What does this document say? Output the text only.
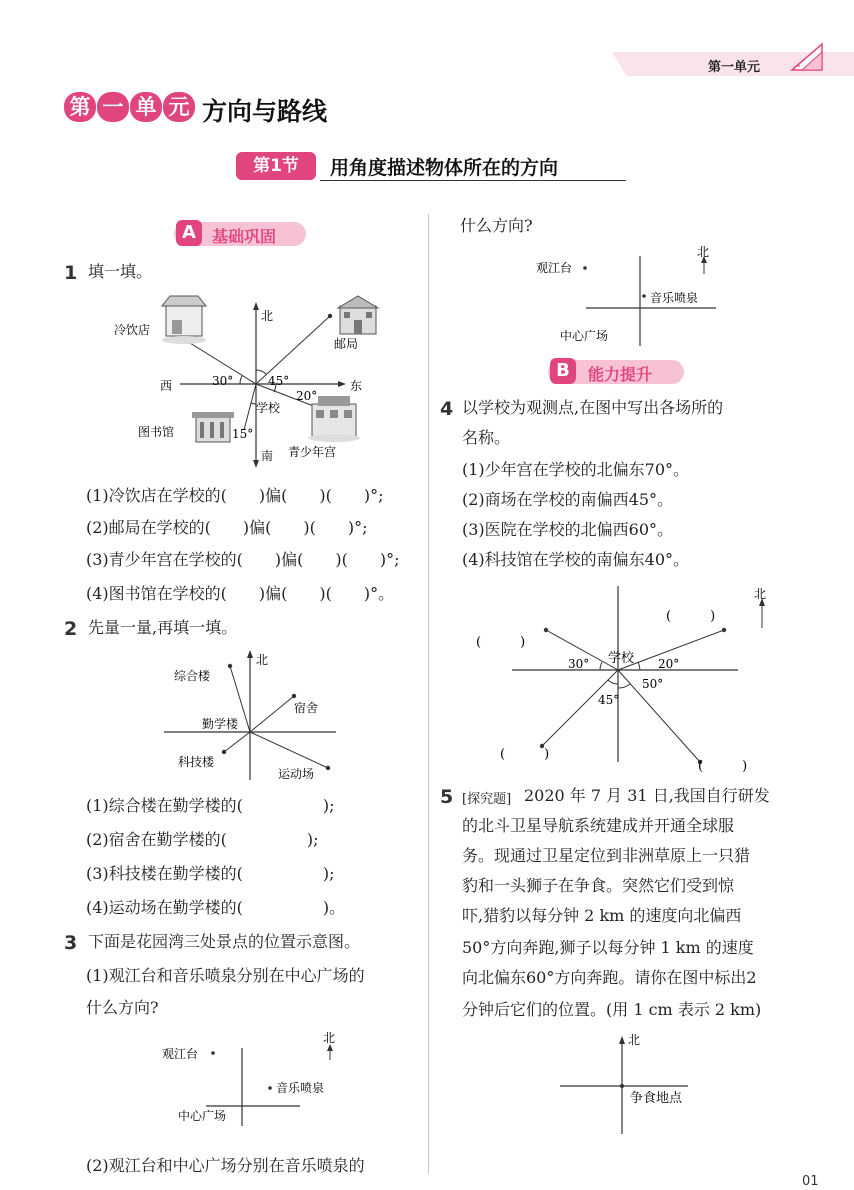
第一单元
第 一 单 元 方向与路线
第1节	用角度描述物体所在的方向
A	基础巩固
1 填一填。
北
南
东
西
学校
冷饮店
邮局
图书馆
青少年宫
30°	45°
20°
15°
(1)冷饮店在学校的(　　)偏(　　)(　　)°;
(2)邮局在学校的(　　)偏(　　)(　　)°;
(3)青少年宫在学校的(　　)偏(　　)(　　)°;
(4)图书馆在学校的(　　)偏(　　)(　　)°。
2 先量一量,再填一填。
北
勤学楼
综合楼
宿舍
科技楼
运动场
(1)综合楼在勤学楼的(　　　　　);
(2)宿舍在勤学楼的(　　　　　);
(3)科技楼在勤学楼的(　　　　　);
(4)运动场在勤学楼的(　　　　　)。
3 下面是花园湾三处景点的位置示意图。
(1)观江台和音乐喷泉分别在中心广场的
什么方向?
北
观江台
音乐喷泉
中心广场
(2)观江台和中心广场分别在音乐喷泉的
什么方向?
北
观江台
音乐喷泉
中心广场
B	能力提升
4 以学校为观测点,在图中写出各场所的
名称。
(1)少年宫在学校的北偏东70°。
(2)商场在学校的南偏西45°。
(3)医院在学校的北偏西60°。
(4)科技馆在学校的南偏东40°。
北
学校
30°	20°
50°
45°
(　　　)
(　　　)
(　　　)
(　　　)
5 [探究题] 2020 年 7 月 31 日,我国自行研发
的北斗卫星导航系统建成并开通全球服
务。现通过卫星定位到非洲草原上一只猎
豹和一头狮子在争食。突然它们受到惊
吓,猎豹以每分钟 2 km 的速度向北偏西
50°方向奔跑,狮子以每分钟 1 km 的速度
向北偏东60°方向奔跑。请你在图中标出2
分钟后它们的位置。(用 1 cm 表示 2 km)
北
争食地点
01
